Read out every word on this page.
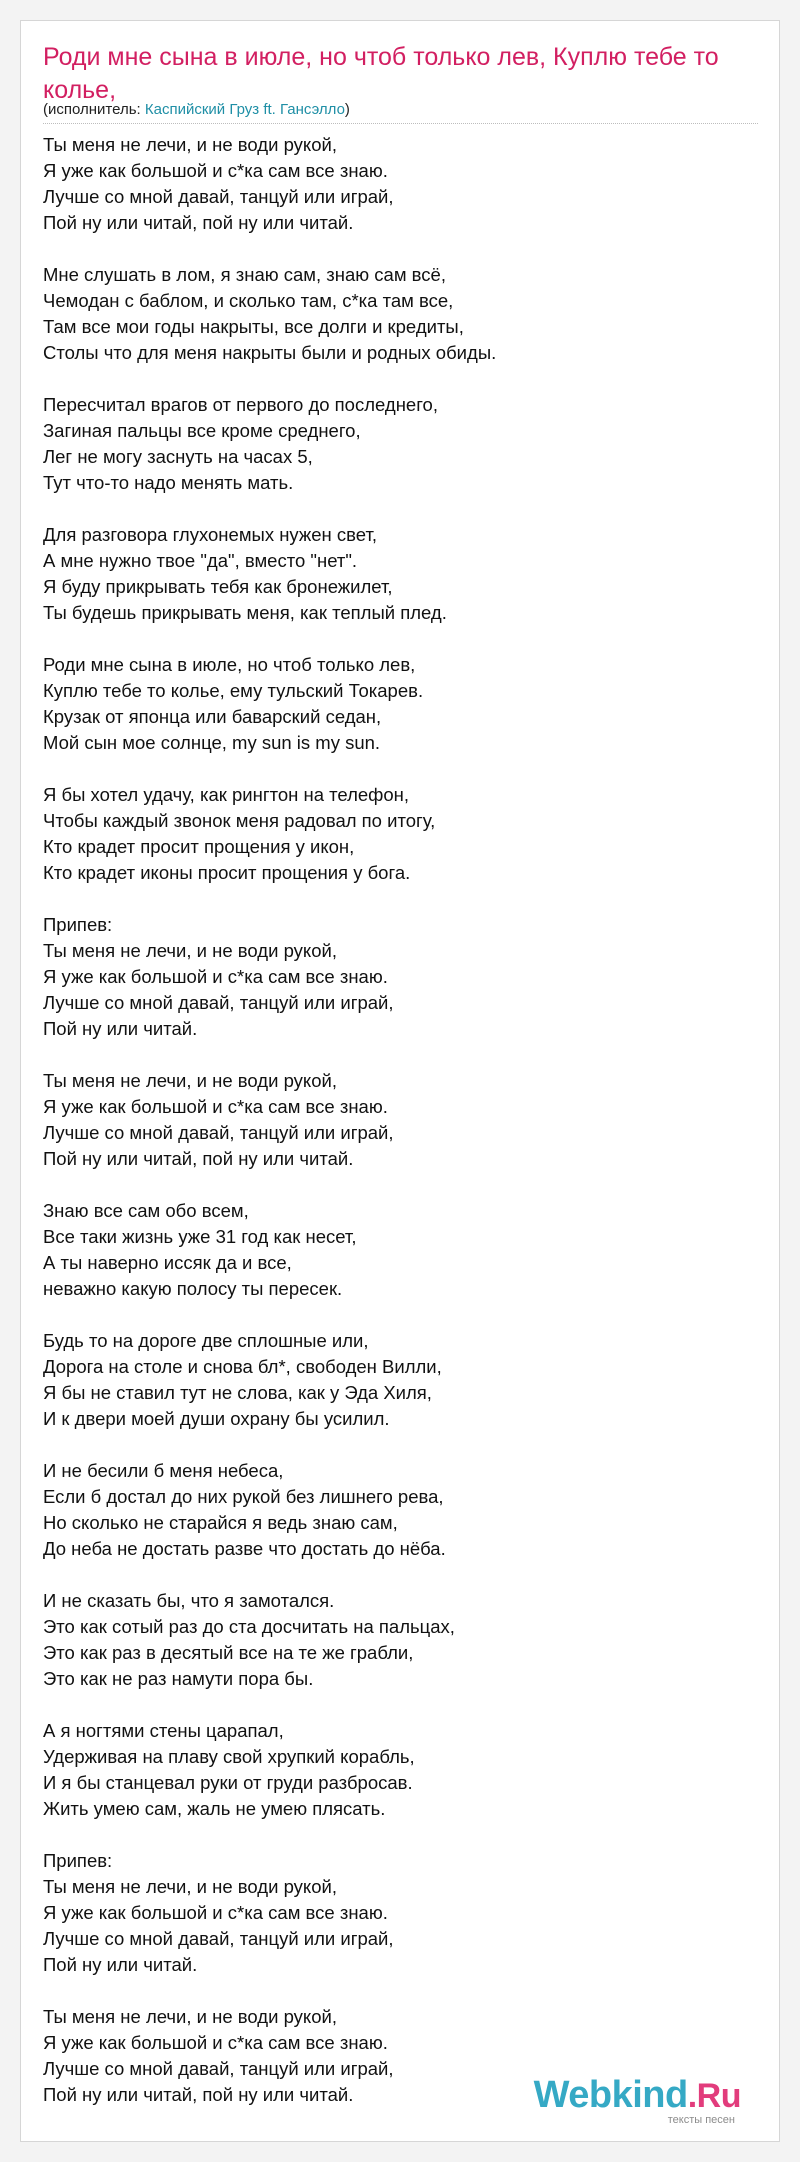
Роди мне сына в июле, но чтоб только лев, Куплю тебе то колье,
(исполнитель: Каспийский Груз ft. Гансэлло)
Ты меня не лечи, и не води рукой,
Я уже как большой и с*ка сам все знаю.
Лучше со мной давай, танцуй или играй,
Пой ну или читай, пой ну или читай.
Мне слушать в лом, я знаю сам, знаю сам всё,
Чемодан с баблом, и сколько там, с*ка там все,
Там все мои годы накрыты, все долги и кредиты,
Столы что для меня накрыты были и родных обиды.
Пересчитал врагов от первого до последнего,
Загиная пальцы все кроме среднего,
Лег не могу заснуть на часах 5,
Тут что-то надо менять мать.
Для разговора глухонемых нужен свет,
А мне нужно твое "да", вместо "нет".
Я буду прикрывать тебя как бронежилет,
Ты будешь прикрывать меня, как теплый плед.
Роди мне сына в июле, но чтоб только лев,
Куплю тебе то колье, ему тульский Токарев.
Крузак от японца или баварский седан,
Мой сын мое солнце, my sun is my sun.
Я бы хотел удачу, как рингтон на телефон,
Чтобы каждый звонок меня радовал по итогу,
Кто крадет просит прощения у икон,
Кто крадет иконы просит прощения у бога.
Припев:
Ты меня не лечи, и не води рукой,
Я уже как большой и с*ка сам все знаю.
Лучше со мной давай, танцуй или играй,
Пой ну или читай.
Ты меня не лечи, и не води рукой,
Я уже как большой и с*ка сам все знаю.
Лучше со мной давай, танцуй или играй,
Пой ну или читай, пой ну или читай.
Знаю все сам обо всем,
Все таки жизнь уже 31 год как несет,
А ты наверно иссяк да и все,
неважно какую полосу ты пересек.
Будь то на дороге две сплошные или,
Дорога на столе и снова бл*, свободен Вилли,
Я бы не ставил тут не слова, как у Эда Хиля,
И к двери моей души охрану бы усилил.
И не бесили б меня небеса,
Если б достал до них рукой без лишнего рева,
Но сколько не старайся я ведь знаю сам,
До неба не достать разве что достать до нёба.
И не сказать бы, что я замотался.
Это как сотый раз до ста досчитать на пальцах,
Это как раз в десятый все на те же грабли,
Это как не раз намути пора бы.
А я ногтями стены царапал,
Удерживая на плаву свой хрупкий корабль,
И я бы станцевал руки от груди разбросав.
Жить умею сам, жаль не умею плясать.
Припев:
Ты меня не лечи, и не води рукой,
Я уже как большой и с*ка сам все знаю.
Лучше со мной давай, танцуй или играй,
Пой ну или читай.
Ты меня не лечи, и не води рукой,
Я уже как большой и с*ка сам все знаю.
Лучше со мной давай, танцуй или играй,
Пой ну или читай, пой ну или читай.	Webkind.Ru
тексты песен
